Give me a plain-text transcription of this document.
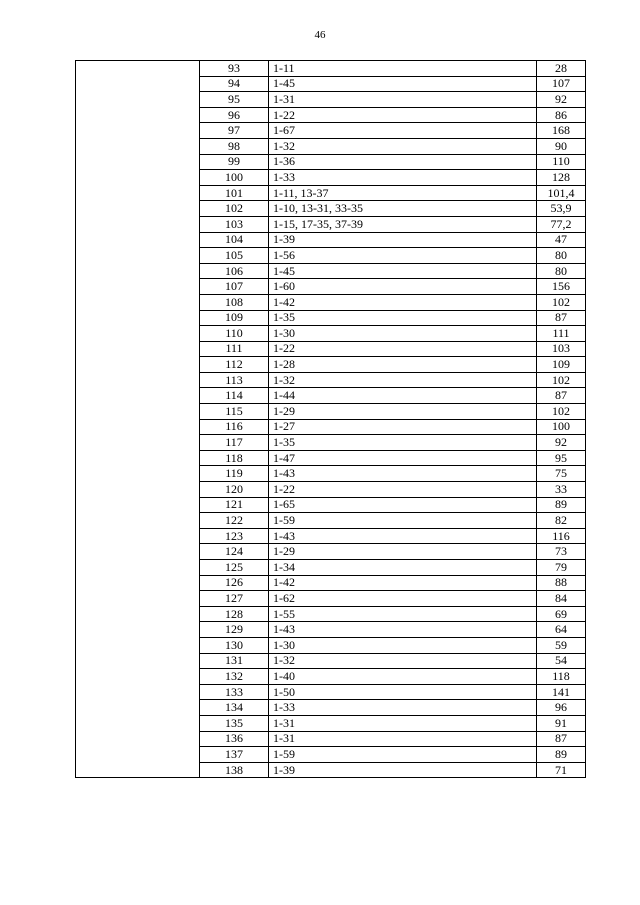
46
	93	1-11	28
	94	1-45	107
	95	1-31	92
	96	1-22	86
	97	1-67	168
	98	1-32	90
	99	1-36	110
	100	1-33	128
	101	1-11, 13-37	101,4
	102	1-10, 13-31, 33-35	53,9
	103	1-15, 17-35, 37-39	77,2
	104	1-39	47
	105	1-56	80
	106	1-45	80
	107	1-60	156
	108	1-42	102
	109	1-35	87
	110	1-30	111
	111	1-22	103
	112	1-28	109
	113	1-32	102
	114	1-44	87
	115	1-29	102
	116	1-27	100
	117	1-35	92
	118	1-47	95
	119	1-43	75
	120	1-22	33
	121	1-65	89
	122	1-59	82
	123	1-43	116
	124	1-29	73
	125	1-34	79
	126	1-42	88
	127	1-62	84
	128	1-55	69
	129	1-43	64
	130	1-30	59
	131	1-32	54
	132	1-40	118
	133	1-50	141
	134	1-33	96
	135	1-31	91
	136	1-31	87
	137	1-59	89
	138	1-39	71
